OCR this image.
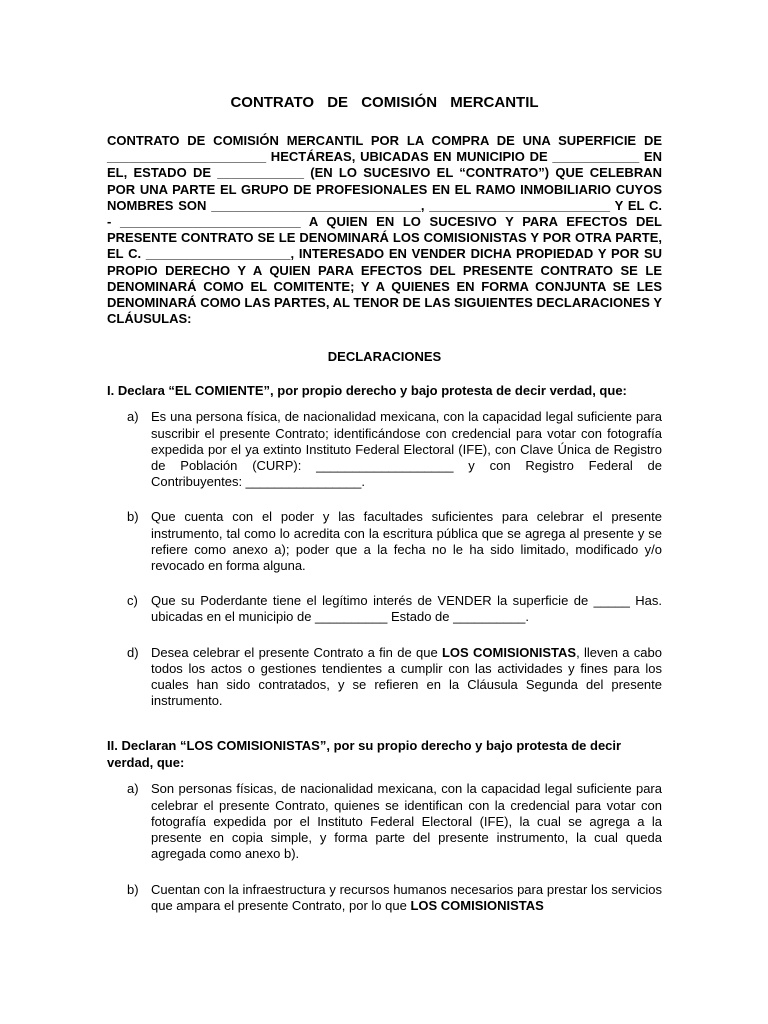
CONTRATO DE COMISIÓN MERCANTIL

CONTRATO DE COMISIÓN MERCANTIL POR LA COMPRA DE UNA SUPERFICIE DE ______________________ HECTÁREAS, UBICADAS EN MUNICIPIO DE ____________ EN EL, ESTADO DE ____________ (EN LO SUCESIVO EL “CONTRATO”) QUE CELEBRAN POR UNA PARTE EL GRUPO DE PROFESIONALES EN EL RAMO INMOBILIARIO CUYOS NOMBRES SON _____________________________, _________________________ Y EL C. - _________________________ A QUIEN EN LO SUCESIVO Y PARA EFECTOS DEL PRESENTE CONTRATO SE LE DENOMINARÁ LOS COMISIONISTAS Y POR OTRA PARTE, EL C. ____________________, INTERESADO EN VENDER DICHA PROPIEDAD Y POR SU PROPIO DERECHO Y A QUIEN PARA EFECTOS DEL PRESENTE CONTRATO SE LE DENOMINARÁ COMO EL COMITENTE; Y A QUIENES EN FORMA CONJUNTA SE LES DENOMINARÁ COMO LAS PARTES, AL TENOR DE LAS SIGUIENTES DECLARACIONES Y CLÁUSULAS:

DECLARACIONES

I. Declara “EL COMIENTE”, por propio derecho y bajo protesta de decir verdad, que:

a) Es una persona física, de nacionalidad mexicana, con la capacidad legal suficiente para suscribir el presente Contrato; identificándose con credencial para votar con fotografía expedida por el ya extinto Instituto Federal Electoral (IFE), con Clave Única de Registro de Población (CURP): ___________________ y con Registro Federal de Contribuyentes: ________________.
b) Que cuenta con el poder y las facultades suficientes para celebrar el presente instrumento, tal como lo acredita con la escritura pública que se agrega al presente y se refiere como anexo a); poder que a la fecha no le ha sido limitado, modificado y/o revocado en forma alguna.
c)	Que su Poderdante tiene el legítimo interés de VENDER la superficie de _____ Has. ubicadas en el municipio de __________ Estado de __________.
d) Desea celebrar el presente Contrato a fin de que LOS COMISIONISTAS, lleven a cabo todos los actos o gestiones tendientes a cumplir con las actividades y fines para los cuales han sido contratados, y se refieren en la Cláusula Segunda del presente instrumento.

II. Declaran “LOS COMISIONISTAS”, por su propio derecho y bajo protesta de decir verdad, que:

a) Son personas físicas, de nacionalidad mexicana, con la capacidad legal suficiente para celebrar el presente Contrato, quienes se identifican con la credencial para votar con fotografía expedida por el Instituto Federal Electoral (IFE), la cual se agrega a la presente en copia simple, y forma parte del presente instrumento, la cual queda agregada como anexo b).
b) Cuentan con la infraestructura y recursos humanos necesarios para prestar los servicios que ampara el presente Contrato, por lo que LOS COMISIONISTAS
